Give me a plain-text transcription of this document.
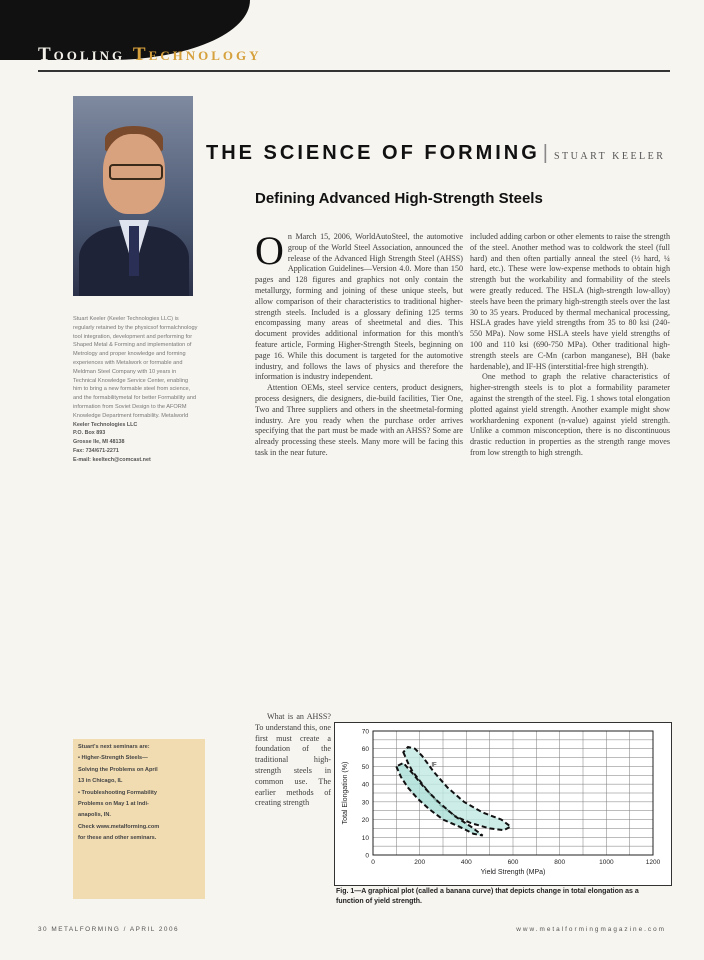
Tooling Technology

Stuart Keeler (Keeler Technologies LLC) is regularly retained by the physicsof formalchnology tool integration, development and performing for Shaped Metal & Forming and implementation of Metrology and proper knowledge and forming experiences with Metalwork or formable and Meldman Steel Company with 10 years in Technical Knowledge Service Center, enabling him to bring a new formable steel from science, and the formabilitymetal for better Formability and information from Soviet Design to the AFORM Knowledge Department formability. Metalworld

Keeler Technologies LLC

P.O. Box 893

Grosse Ile, MI 48138

Fax: 734/671-2271

E-mail: keeltech@comcast.net

Stuart's next seminars are:

• Higher-Strength Steels—

Solving the Problems on April

13 in Chicago, IL

• Troubleshooting Formability

Problems on May 1 at Indi-

anapolis, IN.

Check www.metalforming.com

for these and other seminars.

THE SCIENCE OF FORMING | STUART KEELER
Defining Advanced High-Strength Steels
O n March 15, 2006, WorldAutoSteel, the automotive group of the World Steel Association, announced the release of the Advanced High Strength Steel (AHSS) Application Guidelines—Version 4.0. More than 150 pages and 128 figures and graphics not only contain the metallurgy, forming and joining of these unique steels, but allow comparison of their characteristics to traditional higher-strength steels. Included is a glossary defining 125 terms encompassing many areas of sheetmetal and dies. This document provides additional information for this month's feature article, Forming Higher-Strength Steels, beginning on page 16. While this document is targeted for the automotive industry, and follows the laws of physics and therefore the information is industry independent.

Attention OEMs, steel service centers, product designers, process designers, die designers, die-build facilities, Tier One, Two and Three suppliers and others in the sheetmetal-forming industry. Are you ready when the purchase order arrives specifying that the part must be made with an AHSS? Some are already processing these steels. Many more will be facing this task in the near future.

What is an AHSS? To understand this, one first must create a foundation of the traditional high-strength steels in common use. The earlier methods of creating strength

included adding carbon or other elements to raise the strength of the steel. Another method was to coldwork the steel (full hard) and then often partially anneal the steel (½ hard, ¼ hard, etc.). These were low-expense methods to obtain high strength but the workability and formability of the steels were greatly reduced. The HSLA (high-strength low-alloy) steels have been the primary high-strength steels over the last 30 to 35 years. Produced by thermal mechanical processing, HSLA grades have yield strengths from 35 to 80 ksi (240-550 MPa). Now some HSLA steels have yield strengths of 100 and 110 ksi (690-750 MPa). Other traditional high-strength steels are C-Mn (carbon manganese), BH (bake hardenable), and IF-HS (interstitial-free high strength).

One method to graph the relative characteristics of higher-strength steels is to plot a formability parameter against the strength of the steel. Fig. 1 shows total elongation plotted against yield strength. Another example might show workhardening exponent (n-value) against yield strength. Unlike a common misconception, there is no discontinuous drastic reduction in properties as the strength range moves from low strength to high strength.

0	200	400	600	800	1000	1200
0
10
20
30
40
50
60
70
Yield Strength (MPa)
Total Elongation (%)	IF
Fig. 1—A graphical plot (called a banana curve) that depicts change in total elongation as a function of yield strength.
30 METALFORMING / APRIL 2006	www.metalformingmagazine.com
